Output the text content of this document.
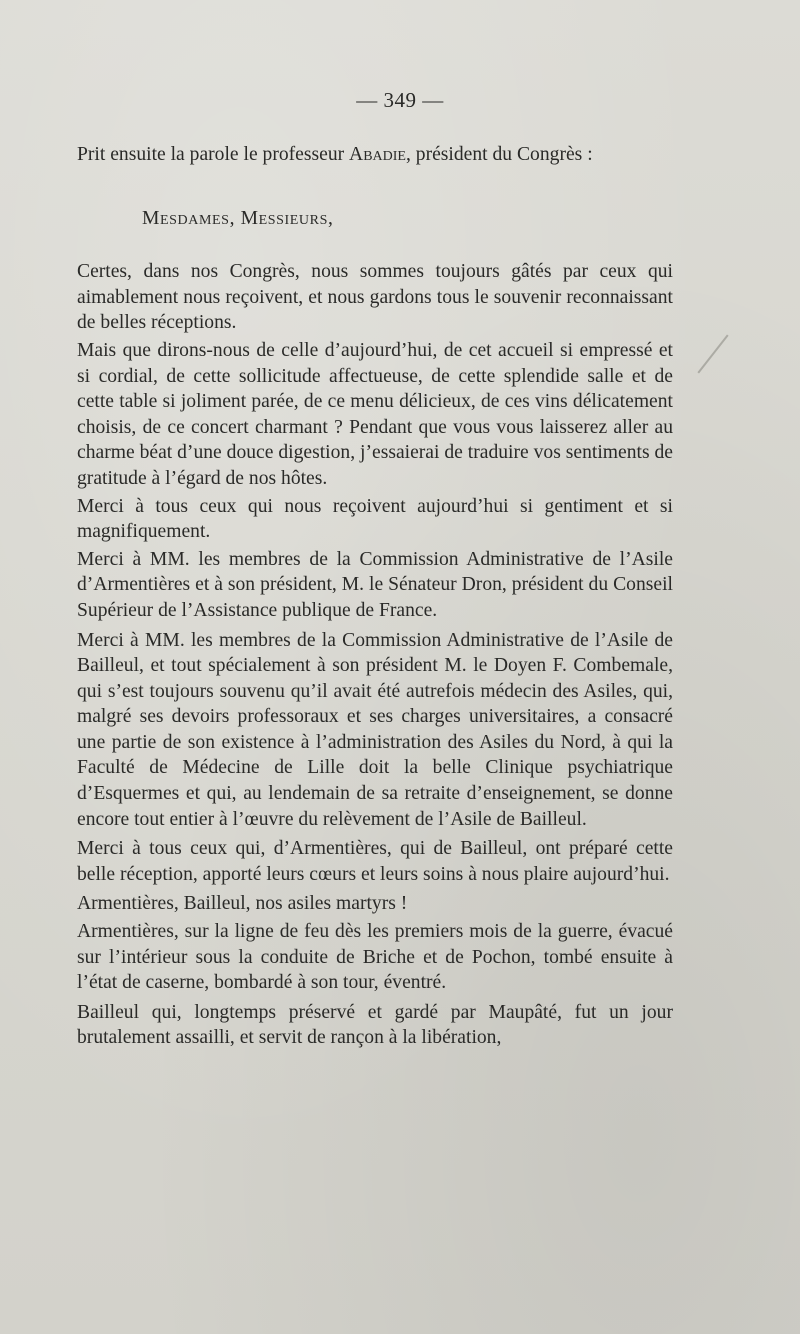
— 349 —

Prit ensuite la parole le professeur Abadie, président du Congrès :

Mesdames, Messieurs,

Certes, dans nos Congrès, nous sommes toujours gâtés par ceux qui aimablement nous reçoivent, et nous gardons tous le souvenir reconnaissant de belles réceptions.

Mais que dirons-nous de celle d’aujourd’hui, de cet accueil si empressé et si cordial, de cette sollicitude affectueuse, de cette splendide salle et de cette table si joliment parée, de ce menu délicieux, de ces vins délicatement choisis, de ce concert charmant ? Pendant que vous vous laisserez aller au charme béat d’une douce digestion, j’essaierai de traduire vos sentiments de gratitude à l’égard de nos hôtes.

Merci à tous ceux qui nous reçoivent aujourd’hui si gentiment et si magnifiquement.

Merci à MM. les membres de la Commission Administrative de l’Asile d’Armentières et à son président, M. le Sénateur Dron, président du Conseil Supérieur de l’Assistance publique de France.

Merci à MM. les membres de la Commission Administrative de l’Asile de Bailleul, et tout spécialement à son président M. le Doyen F. Combemale, qui s’est toujours souvenu qu’il avait été autrefois médecin des Asiles, qui, malgré ses devoirs professoraux et ses charges universitaires, a consacré une partie de son existence à l’administration des Asiles du Nord, à qui la Faculté de Médecine de Lille doit la belle Clinique psychiatrique d’Esquermes et qui, au lendemain de sa retraite d’enseignement, se donne encore tout entier à l’œuvre du relèvement de l’Asile de Bailleul.

Merci à tous ceux qui, d’Armentières, qui de Bailleul, ont préparé cette belle réception, apporté leurs cœurs et leurs soins à nous plaire aujourd’hui.

Armentières, Bailleul, nos asiles martyrs !

Armentières, sur la ligne de feu dès les premiers mois de la guerre, évacué sur l’intérieur sous la conduite de Briche et de Pochon, tombé ensuite à l’état de caserne, bombardé à son tour, éventré.

Bailleul qui, longtemps préservé et gardé par Maupâté, fut un jour brutalement assailli, et servit de rançon à la libération,
